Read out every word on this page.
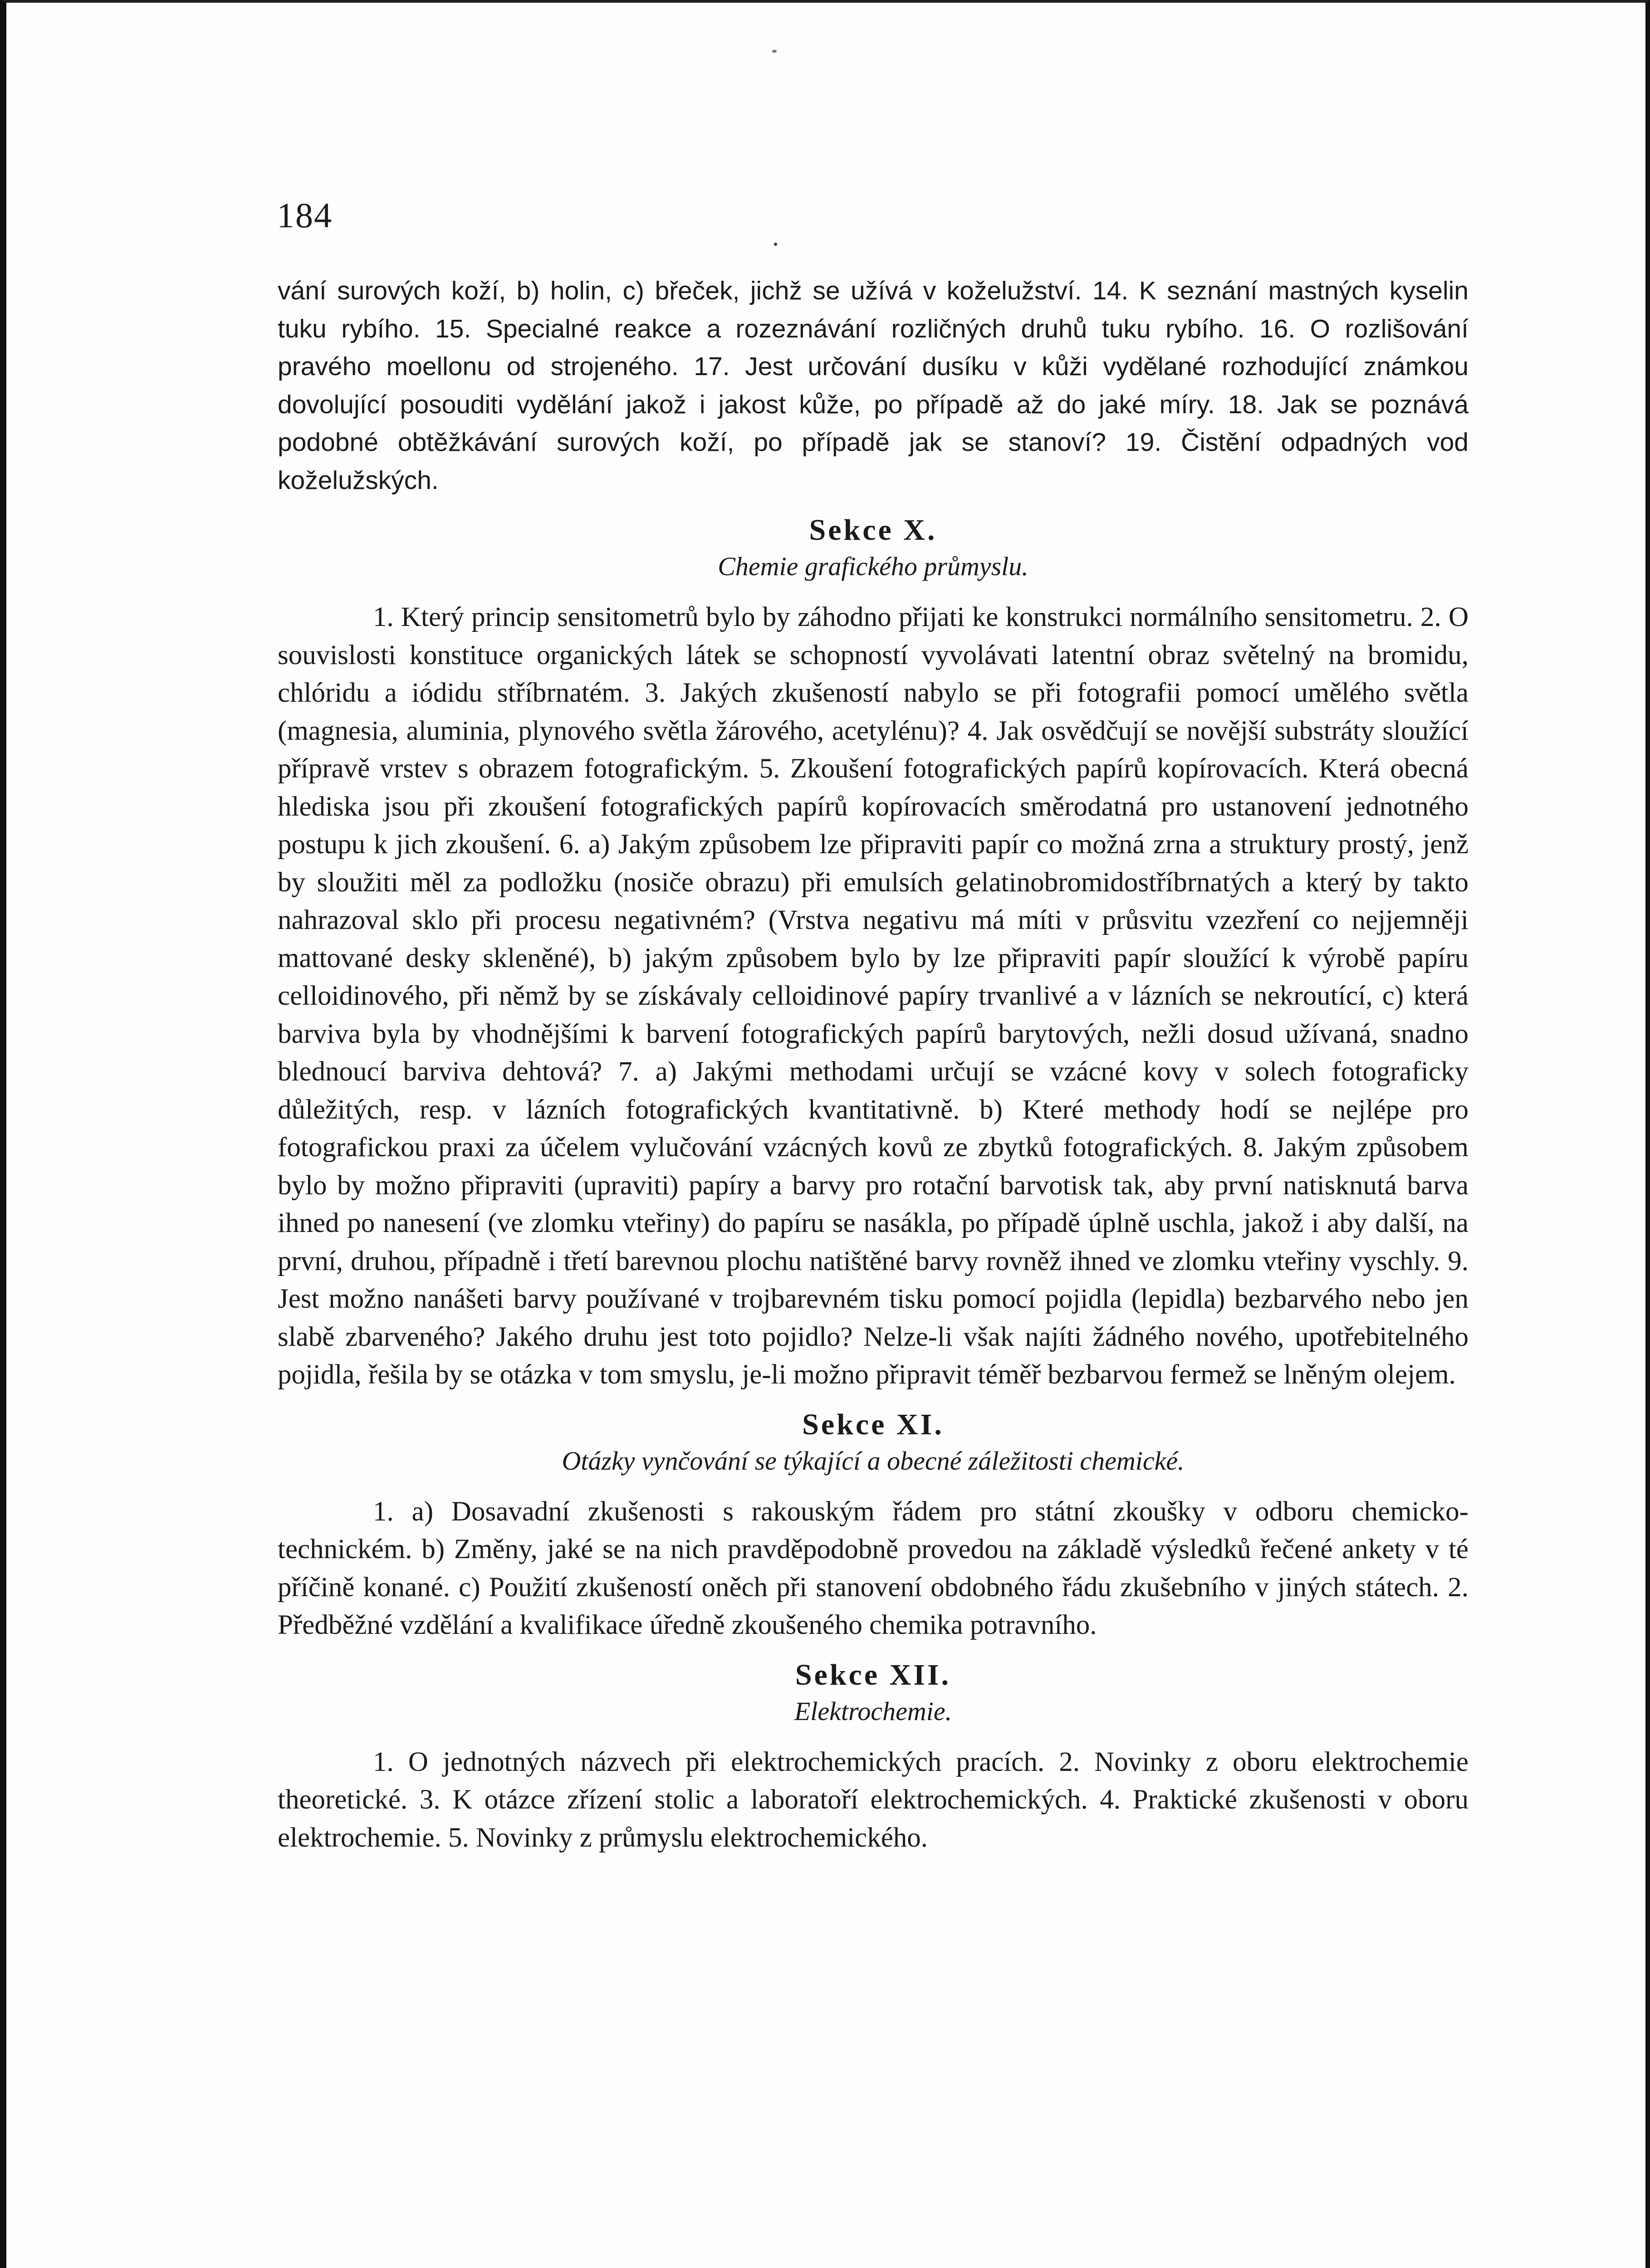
184

vání surových koží, b) holin, c) břeček, jichž se užívá v koželužství. 14. K seznání mastných kyselin tuku rybího. 15. Specialné reakce a rozeznávání rozličných druhů tuku rybího. 16. O rozlišování pravého moellonu od strojeného. 17. Jest určování dusíku v kůži vydělané rozhodující známkou dovolující posouditi vydělání jakož i jakost kůže, po případě až do jaké míry. 18. Jak se poznává podobné obtěžkávání surových koží, po případě jak se stanoví? 19. Čistění odpadných vod koželužských.

Sekce X.
Chemie grafického průmyslu.

1. Který princip sensitometrů bylo by záhodno přijati ke konstrukci normálního sensitometru. 2. O souvislosti konstituce organických látek se schopností vyvolávati latentní obraz světelný na bromidu, chlóridu a iódidu stříbrnatém. 3. Jakých zkušeností nabylo se při fotografii pomocí umělého světla (magnesia, aluminia, plynového světla žárového, acetylénu)? 4. Jak osvědčují se novější substráty sloužící přípravě vrstev s obrazem fotografickým. 5. Zkoušení fotografických papírů kopírovacích. Která obecná hlediska jsou při zkoušení fotografických papírů kopírovacích směrodatná pro ustanovení jednotného postupu k jich zkoušení. 6. a) Jakým způsobem lze připraviti papír co možná zrna a struktury prostý, jenž by sloužiti měl za podložku (nosiče obrazu) při emulsích gelatinobromidostříbrnatých a který by takto nahrazoval sklo při procesu negativném? (Vrstva negativu má míti v průsvitu vzezření co nejjemněji mattované desky skleněné), b) jakým způsobem bylo by lze připraviti papír sloužící k výrobě papíru celloidinového, při němž by se získávaly celloidinové papíry trvanlivé a v lázních se nekroutící, c) která barviva byla by vhodnějšími k barvení fotografických papírů barytových, nežli dosud užívaná, snadno blednoucí barviva dehtová? 7. a) Jakými methodami určují se vzácné kovy v solech fotograficky důležitých, resp. v lázních fotografických kvantitativně. b) Které methody hodí se nejlépe pro fotografickou praxi za účelem vylučování vzácných kovů ze zbytků fotografických. 8. Jakým způsobem bylo by možno připraviti (upraviti) papíry a barvy pro rotační barvotisk tak, aby první natisknutá barva ihned po nanesení (ve zlomku vteřiny) do papíru se nasákla, po případě úplně uschla, jakož i aby další, na první, druhou, případně i třetí barevnou plochu natištěné barvy rovněž ihned ve zlomku vteřiny vyschly. 9. Jest možno nanášeti barvy používané v trojbarevném tisku pomocí pojidla (lepidla) bezbarvého nebo jen slabě zbarveného? Jakého druhu jest toto pojidlo? Nelze-li však najíti žádného nového, upotřebitelného pojidla, řešila by se otázka v tom smyslu, je-li možno připravit téměř bezbarvou fermež se lněným olejem.

Sekce XI.
Otázky vynčování se týkající a obecné záležitosti chemické.

1. a) Dosavadní zkušenosti s rakouským řádem pro státní zkoušky v odboru chemicko-technickém. b) Změny, jaké se na nich pravděpodobně provedou na základě výsledků řečené ankety v té příčině konané. c) Použití zkušeností oněch při stanovení obdobného řádu zkušebního v jiných státech. 2. Předběžné vzdělání a kvalifikace úředně zkoušeného chemika potravního.

Sekce XII.
Elektrochemie.

1. O jednotných názvech při elektrochemických pracích. 2. Novinky z oboru elektrochemie theoretické. 3. K otázce zřízení stolic a laboratoří elektrochemických. 4. Praktické zkušenosti v oboru elektrochemie. 5. Novinky z průmyslu elektrochemického.
